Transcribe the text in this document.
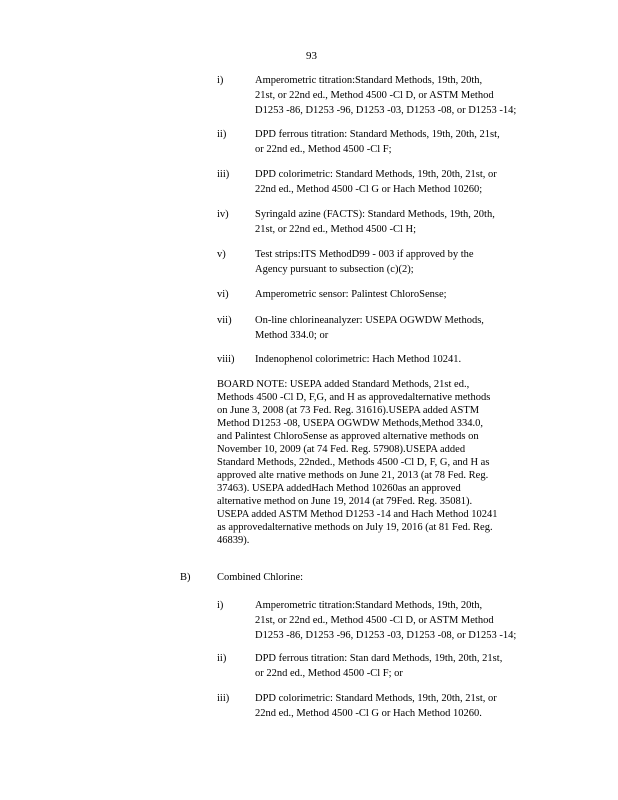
93
i)	Amperometric titration:Standard Methods, 19th, 20th,
21st, or 22nd ed., Method 4500 -Cl D, or ASTM Method
D1253 -86, D1253 -96, D1253 -03, D1253 -08, or D1253 -14;
ii)	DPD ferrous titration: Standard Methods, 19th, 20th, 21st,
or 22nd ed., Method 4500 -Cl F;
iii) DPD colorimetric: Standard Methods, 19th, 20th, 21st, or
22nd ed., Method 4500 -Cl G or Hach Method 10260;
iv)	Syringald azine (FACTS): Standard Methods, 19th, 20th,
21st, or 22nd ed., Method 4500 -Cl H;
v)	Test strips:ITS MethodD99 - 003 if approved by the
Agency pursuant to subsection (c)(2);
vi)	Amperometric sensor: Palintest ChloroSense;
vii) On-line chlorineanalyzer: USEPA OGWDW Methods,
Method 334.0; or
viii) Indenophenol colorimetric: Hach Method 10241.
BOARD NOTE: USEPA added Standard Methods, 21st ed.,
Methods 4500 -Cl D, F,G, and H as approvedalternative methods
on June 3, 2008 (at 73 Fed. Reg. 31616).USEPA added ASTM
Method D1253 -08, USEPA OGWDW Methods,Method 334.0,
and Palintest ChloroSense as approved alternative methods on
November 10, 2009 (at 74 Fed. Reg. 57908).USEPA added
Standard Methods, 22nded., Methods 4500 -Cl D, F, G, and H as
approved alte rnative methods on June 21, 2013 (at 78 Fed. Reg.
37463). USEPA addedHach Method 10260as an approved
alternative method on June 19, 2014 (at 79Fed. Reg. 35081).
USEPA added ASTM Method D1253 -14 and Hach Method 10241
as approvedalternative methods on July 19, 2016 (at 81 Fed. Reg.
46839).
B)	Combined Chlorine:
i)	Amperometric titration:Standard Methods, 19th, 20th,
21st, or 22nd ed., Method 4500 -Cl D, or ASTM Method
D1253 -86, D1253 -96, D1253 -03, D1253 -08, or D1253 -14;
ii)	DPD ferrous titration: Stan dard Methods, 19th, 20th, 21st,
or 22nd ed., Method 4500 -Cl F; or
iii) DPD colorimetric: Standard Methods, 19th, 20th, 21st, or
22nd ed., Method 4500 -Cl G or Hach Method 10260.
